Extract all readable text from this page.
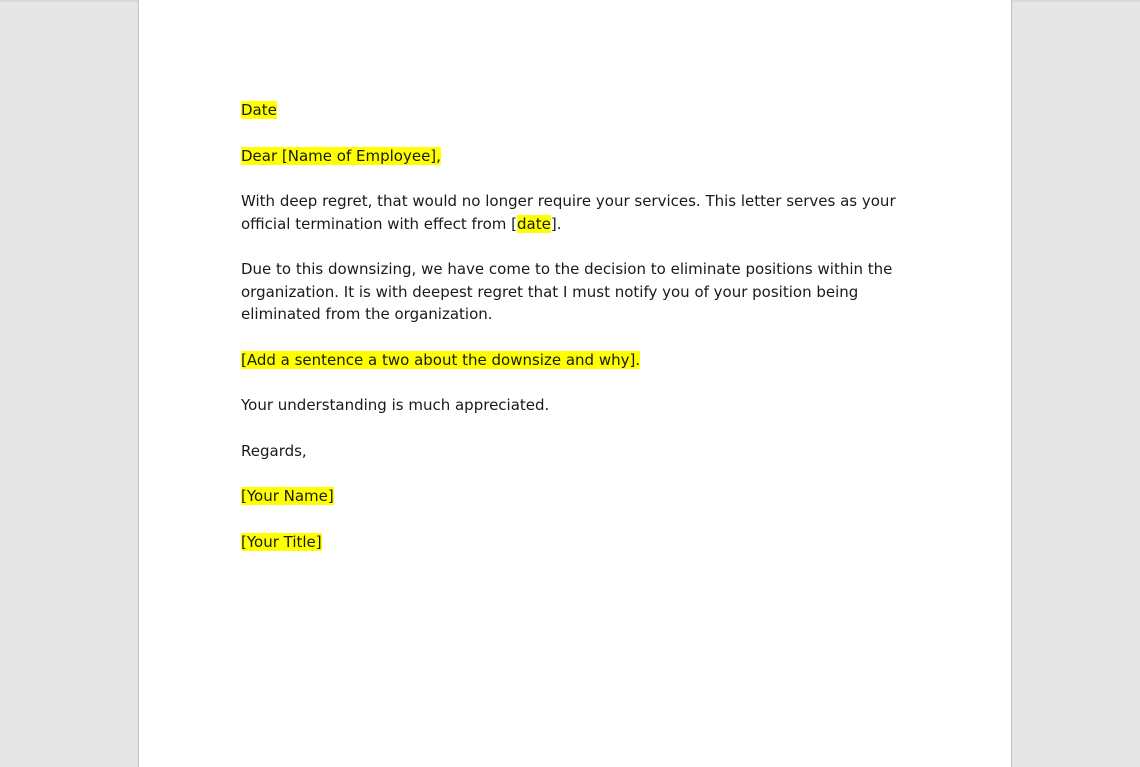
Date

Dear [Name of Employee],

With deep regret, that would no longer require your services. This letter serves as your official termination with effect from [date].

Due to this downsizing, we have come to the decision to eliminate positions within the organization. It is with deepest regret that I must notify you of your position being eliminated from the organization.

[Add a sentence a two about the downsize and why].

Your understanding is much appreciated.

Regards,

[Your Name]

[Your Title]
